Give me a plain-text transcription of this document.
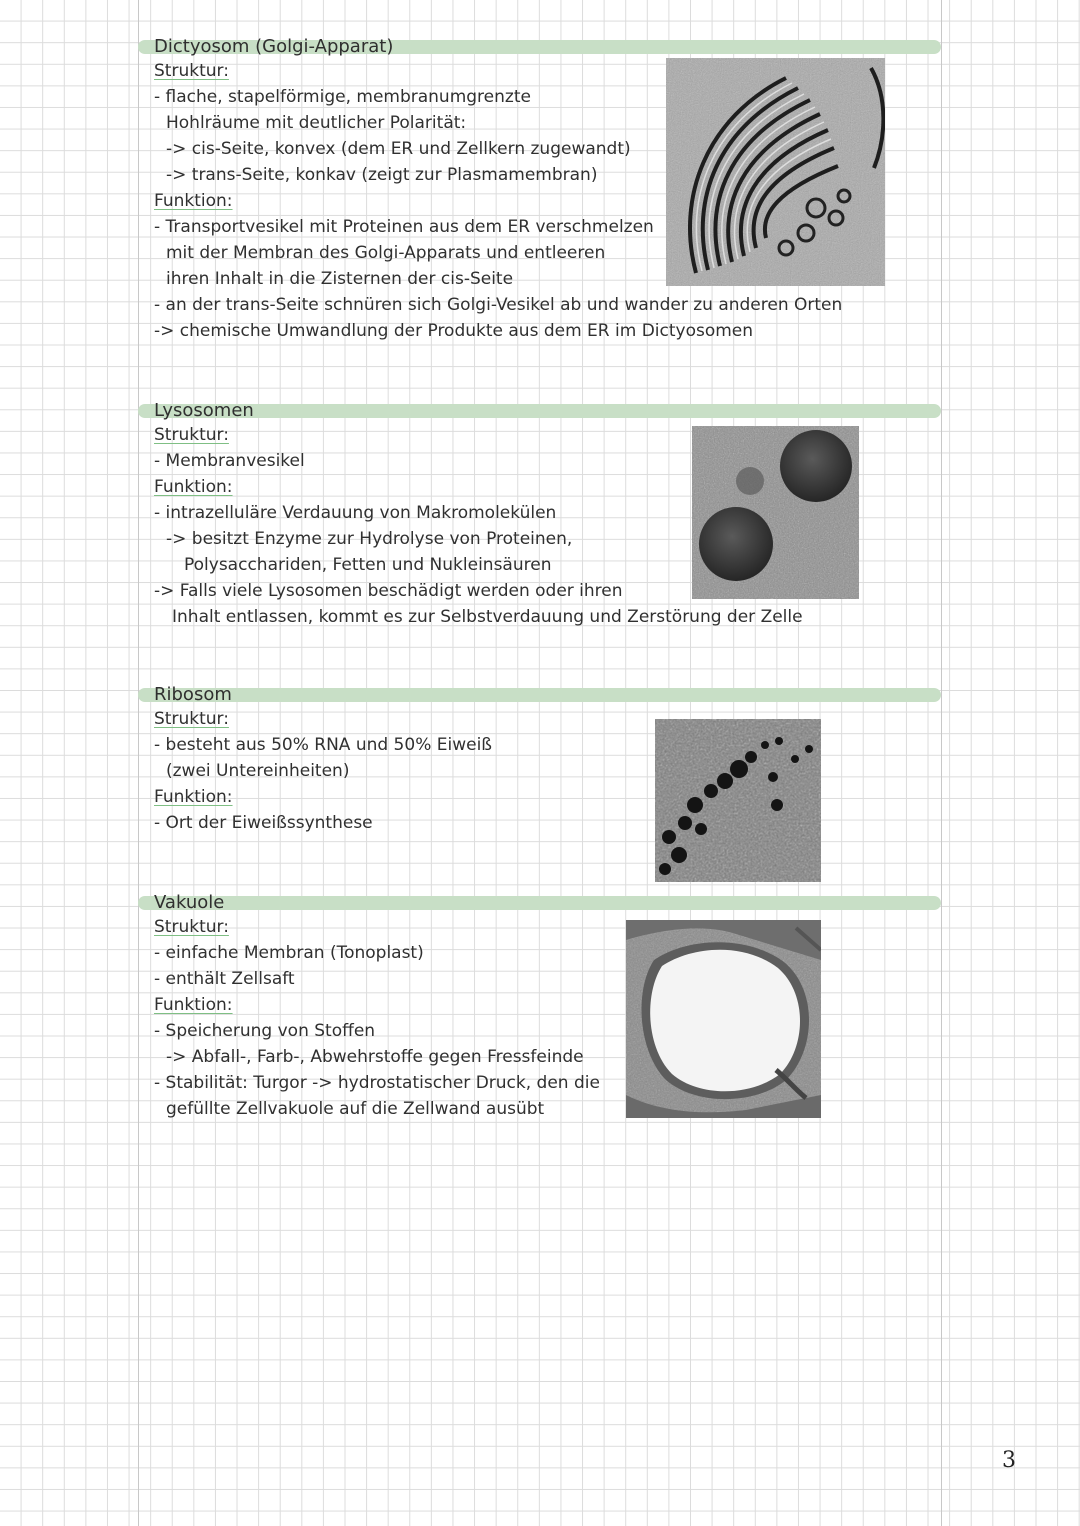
Dictyosom (Golgi-Apparat)
Struktur:
- flache, stapelförmige, membranumgrenzte
Hohlräume mit deutlicher Polarität:
-> cis-Seite, konvex (dem ER und Zellkern zugewandt)
-> trans-Seite, konkav (zeigt zur Plasmamembran)
Funktion:
- Transportvesikel mit Proteinen aus dem ER verschmelzen
mit der Membran des Golgi-Apparats und entleeren
ihren Inhalt in die Zisternen der cis-Seite
- an der trans-Seite schnüren sich Golgi-Vesikel ab und wander zu anderen Orten
-> chemische Umwandlung der Produkte aus dem ER im Dictyosomen
Lysosomen
Struktur:
- Membranvesikel
Funktion:
- intrazelluläre Verdauung von Makromolekülen
-> besitzt Enzyme zur Hydrolyse von Proteinen,
Polysacchariden, Fetten und Nukleinsäuren
-> Falls viele Lysosomen beschädigt werden oder ihren
Inhalt entlassen, kommt es zur Selbstverdauung und Zerstörung der Zelle
Ribosom
Struktur:
- besteht aus 50% RNA und 50% Eiweiß
(zwei Untereinheiten)
Funktion:
- Ort der Eiweißssynthese
Vakuole
Struktur:
- einfache Membran (Tonoplast)
- enthält Zellsaft
Funktion:
- Speicherung von Stoffen
-> Abfall-, Farb-, Abwehrstoffe gegen Fressfeinde
- Stabilität: Turgor -> hydrostatischer Druck, den die
gefüllte Zellvakuole auf die Zellwand ausübt
3
